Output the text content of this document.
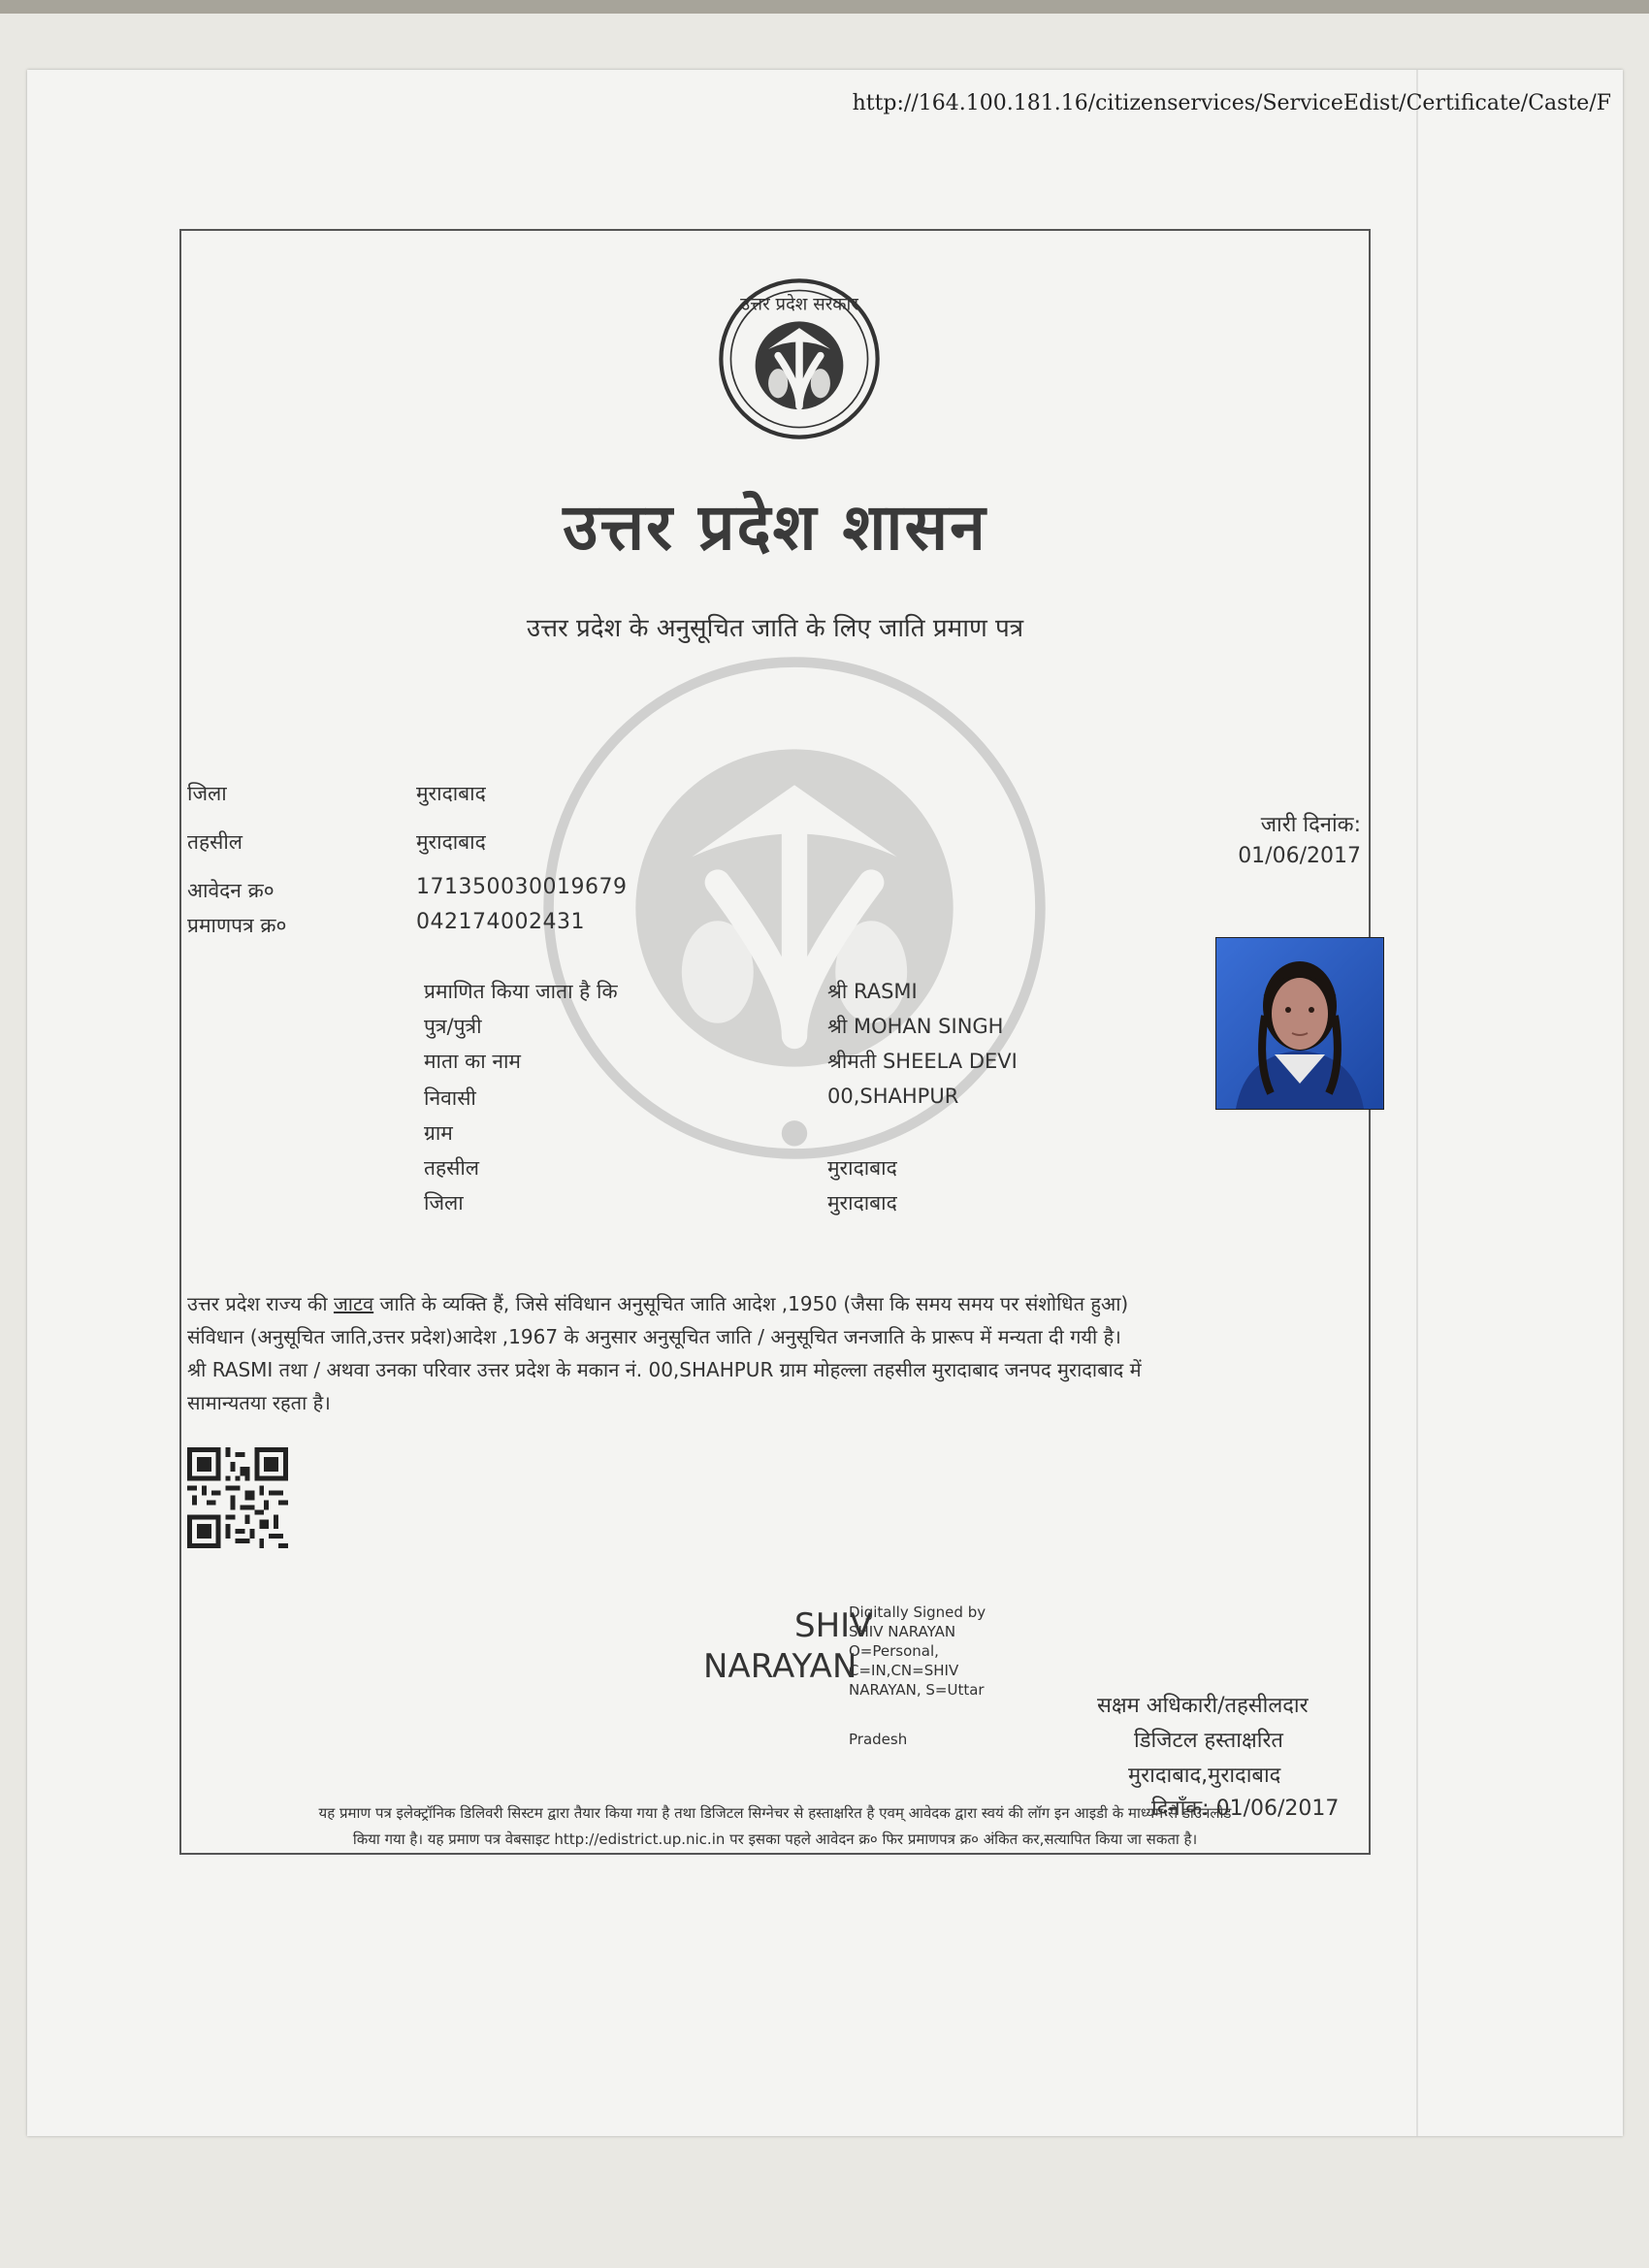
http://164.100.181.16/citizenservices/ServiceEdist/Certificate/Caste/F
उत्तर प्रदेश सरकार
उत्तर प्रदेश शासन
उत्तर प्रदेश के अनुसूचित जाति के लिए जाति प्रमाण पत्र
जिला	मुरादाबाद
तहसील	मुरादाबाद
आवेदन क्र०	171350030019679
प्रमाणपत्र क्र०	042174002431
जारी दिनांक:
01/06/2017
प्रमाणित किया जाता है कि	श्री RASMI
पुत्र/पुत्री	श्री MOHAN SINGH
माता का नाम	श्रीमती SHEELA DEVI
निवासी	00,SHAHPUR
ग्राम
तहसील	मुरादाबाद
जिला	मुरादाबाद
उत्तर प्रदेश राज्य की जाटव जाति के व्यक्ति हैं, जिसे संविधान अनुसूचित जाति आदेश ,1950 (जैसा कि समय समय पर संशोधित हुआ)
संविधान (अनुसूचित जाति,उत्तर प्रदेश)आदेश ,1967 के अनुसार अनुसूचित जाति / अनुसूचित जनजाति के प्रारूप में मन्यता दी गयी है।
श्री RASMI तथा / अथवा उनका परिवार उत्तर प्रदेश के मकान नं. 00,SHAHPUR ग्राम मोहल्ला तहसील मुरादाबाद जनपद मुरादाबाद में
सामान्यतया रहता है।
SHIV
NARAYAN
Digitally Signed by
SHIV NARAYAN
O=Personal,
C=IN,CN=SHIV
NARAYAN, S=Uttar
Pradesh
सक्षम अधिकारी/तहसीलदार
डिजिटल हस्ताक्षरित
मुरादाबाद,मुरादाबाद
दिनाँक: 01/06/2017
यह प्रमाण पत्र इलेक्ट्रॉनिक डिलिवरी सिस्टम द्वारा तैयार किया गया है तथा डिजिटल सिग्नेचर से हस्ताक्षरित है एवम् आवेदक द्वारा स्वयं की लॉग इन आइडी के माध्यम से डाउनलोड
किया गया है। यह प्रमाण पत्र वेबसाइट http://edistrict.up.nic.in पर इसका पहले आवेदन क्र० फिर प्रमाणपत्र क्र० अंकित कर,सत्यापित किया जा सकता है।
